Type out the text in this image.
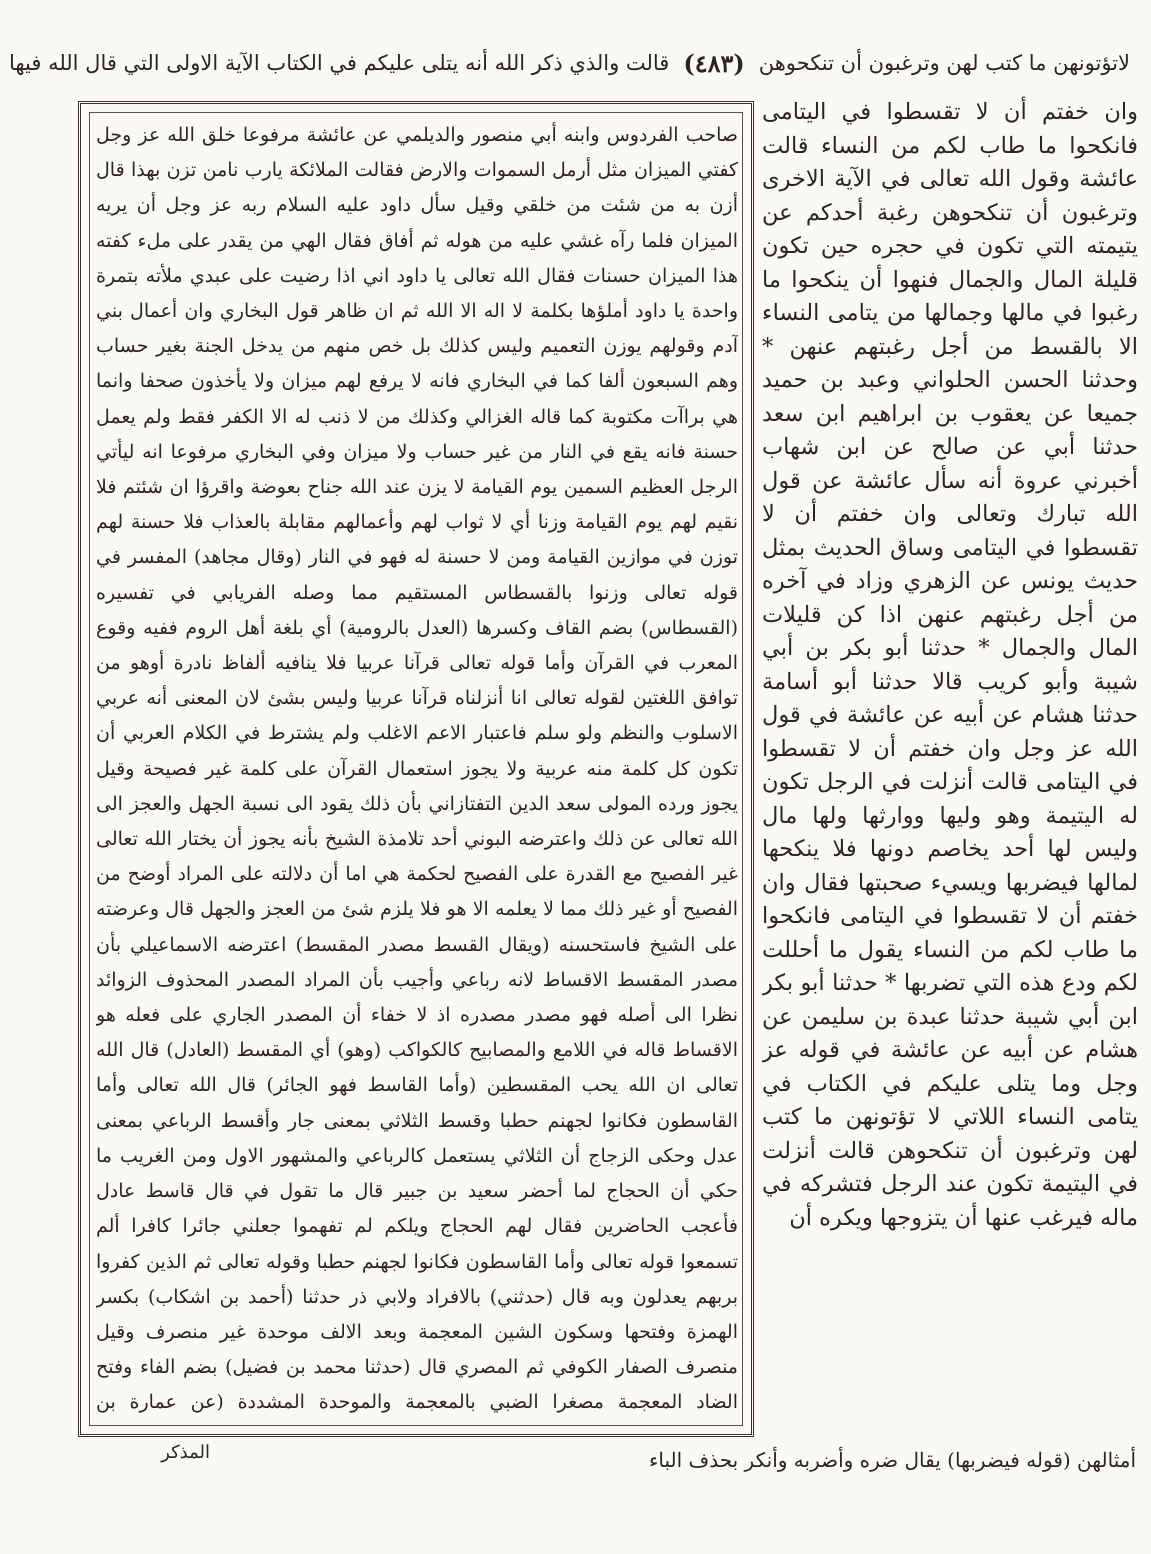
لاتؤتونهن ما كتب لهن وترغبون أن تنكحوهن
(٤٨٣)
قالت والذي ذكر الله أنه يتلى عليكم في الكتاب الآية الاولى التي قال الله فيها

صاحب الفردوس وابنه أبي منصور والديلمي عن عائشة مرفوعا خلق الله عز وجل كفتي الميزان مثل أرمل السموات والارض فقالت الملائكة يارب نامن تزن بهذا قال أزن به من شئت من خلقي وقيل سأل داود عليه السلام ربه عز وجل أن يريه الميزان فلما رآه غشي عليه من هوله ثم أفاق فقال الهي من يقدر على ملء كفته هذا الميزان حسنات فقال الله تعالى يا داود اني اذا رضيت على عبدي ملأته بتمرة واحدة يا داود أملؤها بكلمة لا اله الا الله ثم ان ظاهر قول البخاري وان أعمال بني آدم وقولهم يوزن التعميم وليس كذلك بل خص منهم من يدخل الجنة بغير حساب وهم السبعون ألفا كما في البخاري فانه لا يرفع لهم ميزان ولا يأخذون صحفا وانما هي براآت مكتوبة كما قاله الغزالي وكذلك من لا ذنب له الا الكفر فقط ولم يعمل حسنة فانه يقع في النار من غير حساب ولا ميزان وفي البخاري مرفوعا انه ليأتي الرجل العظيم السمين يوم القيامة لا يزن عند الله جناح بعوضة واقرؤا ان شئتم فلا نقيم لهم يوم القيامة وزنا أي لا ثواب لهم وأعمالهم مقابلة بالعذاب فلا حسنة لهم توزن في موازين القيامة ومن لا حسنة له فهو في النار (وقال مجاهد) المفسر في قوله تعالى وزنوا بالقسطاس المستقيم مما وصله الفريابي في تفسيره (القسطاس) بضم القاف وكسرها (العدل بالرومية) أي بلغة أهل الروم ففيه وقوع المعرب في القرآن وأما قوله تعالى قرآنا عربيا فلا ينافيه ألفاظ نادرة أوهو من توافق اللغتين لقوله تعالى انا أنزلناه قرآنا عربيا وليس بشئ لان المعنى أنه عربي الاسلوب والنظم ولو سلم فاعتبار الاعم الاغلب ولم يشترط في الكلام العربي أن تكون كل كلمة منه عربية ولا يجوز استعمال القرآن على كلمة غير فصيحة وقيل يجوز ورده المولى سعد الدين التفتازاني بأن ذلك يقود الى نسبة الجهل والعجز الى الله تعالى عن ذلك واعترضه البوني أحد تلامذة الشيخ بأنه يجوز أن يختار الله تعالى غير الفصيح مع القدرة على الفصيح لحكمة هي اما أن دلالته على المراد أوضح من الفصيح أو غير ذلك مما لا يعلمه الا هو فلا يلزم شئ من العجز والجهل قال وعرضته على الشيخ فاستحسنه (ويقال القسط مصدر المقسط) اعترضه الاسماعيلي بأن مصدر المقسط الاقساط لانه رباعي وأجيب بأن المراد المصدر المحذوف الزوائد نظرا الى أصله فهو مصدر مصدره اذ لا خفاء أن المصدر الجاري على فعله هو الاقساط قاله في اللامع والمصابيح كالكواكب (وهو) أي المقسط (العادل) قال الله تعالى ان الله يحب المقسطين (وأما القاسط فهو الجائر) قال الله تعالى وأما القاسطون فكانوا لجهنم حطبا وقسط الثلاثي بمعنى جار وأقسط الرباعي بمعنى عدل وحكى الزجاج أن الثلاثي يستعمل كالرباعي والمشهور الاول ومن الغريب ما حكي أن الحجاج لما أحضر سعيد بن جبير قال ما تقول في قال قاسط عادل فأعجب الحاضرين فقال لهم الحجاج ويلكم لم تفهموا جعلني جائرا كافرا ألم تسمعوا قوله تعالى وأما القاسطون فكانوا لجهنم حطبا وقوله تعالى ثم الذين كفروا بربهم يعدلون وبه قال (حدثني) بالافراد ولابي ذر حدثنا (أحمد بن اشكاب) بكسر الهمزة وفتحها وسكون الشين المعجمة وبعد الالف موحدة غير منصرف وقيل منصرف الصفار الكوفي ثم المصري قال (حدثنا محمد بن فضيل) بضم الفاء وفتح الضاد المعجمة مصغرا الضبي بالمعجمة والموحدة المشددة (عن عمارة بن

وان خفتم أن لا تقسطوا في اليتامى فانكحوا ما طاب لكم من النساء قالت عائشة وقول الله تعالى في الآية الاخرى وترغبون أن تنكحوهن رغبة أحدكم عن يتيمته التي تكون في حجره حين تكون قليلة المال والجمال فنهوا أن ينكحوا ما رغبوا في مالها وجمالها من يتامى النساء الا بالقسط من أجل رغبتهم عنهن * وحدثنا الحسن الحلواني وعبد بن حميد جميعا عن يعقوب بن ابراهيم ابن سعد حدثنا أبي عن صالح عن ابن شهاب أخبرني عروة أنه سأل عائشة عن قول الله تبارك وتعالى وان خفتم أن لا تقسطوا في اليتامى وساق الحديث بمثل حديث يونس عن الزهري وزاد في آخره من أجل رغبتهم عنهن اذا كن قليلات المال والجمال * حدثنا أبو بكر بن أبي شيبة وأبو كريب قالا حدثنا أبو أسامة حدثنا هشام عن أبيه عن عائشة في قول الله عز وجل وان خفتم أن لا تقسطوا في اليتامى قالت أنزلت في الرجل تكون له اليتيمة وهو وليها ووارثها ولها مال وليس لها أحد يخاصم دونها فلا ينكحها لمالها فيضربها ويسيء صحبتها فقال وان خفتم أن لا تقسطوا في اليتامى فانكحوا ما طاب لكم من النساء يقول ما أحللت لكم ودع هذه التي تضربها * حدثنا أبو بكر ابن أبي شيبة حدثنا عبدة بن سليمن عن هشام عن أبيه عن عائشة في قوله عز وجل وما يتلى عليكم في الكتاب في يتامى النساء اللاتي لا تؤتونهن ما كتب لهن وترغبون أن تنكحوهن قالت أنزلت في اليتيمة تكون عند الرجل فتشركه في ماله فيرغب عنها أن يتزوجها ويكره أن

المذكر	أمثالهن (قوله فيضربها) يقال ضره وأضربه وأنكر بحذف الباء
